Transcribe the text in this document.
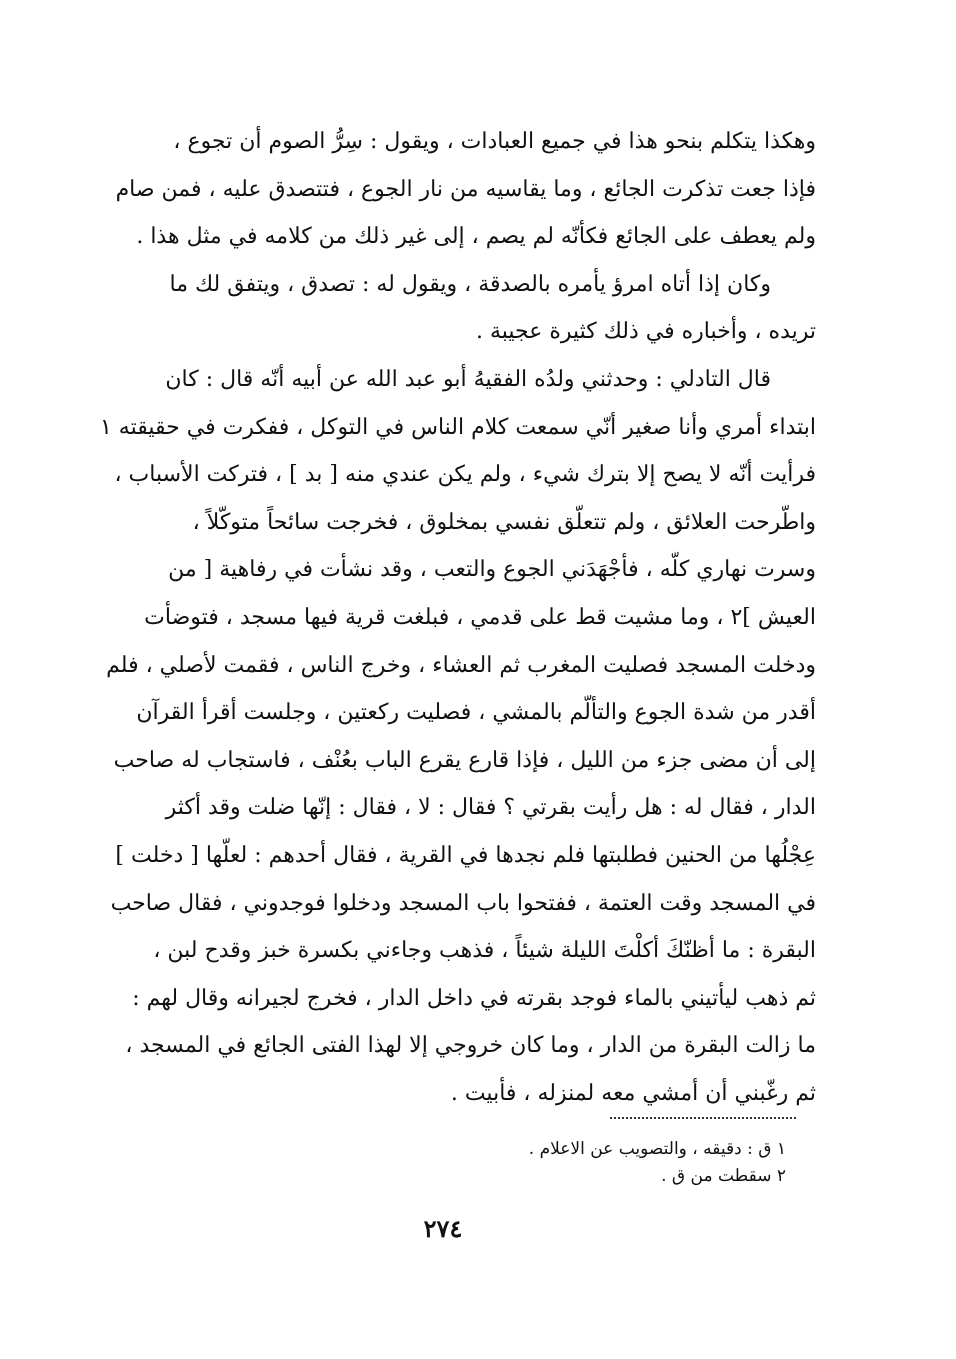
وهكذا يتكلم بنحو هذا في جميع العبادات ، ويقول : سِرُّ الصوم أن تجوع ،
فإذا جعت تذكرت الجائع ، وما يقاسيه من نار الجوع ، فتتصدق عليه ، فمن صام
ولم يعطف على الجائع فكأنّه لم يصم ، إلى غير ذلك من كلامه في مثل هذا .
وكان إذا أتاه امرؤ يأمره بالصدقة ، ويقول له : تصدق ، ويتفق لك ما
تريده ، وأخباره في ذلك كثيرة عجيبة .
قال التادلي : وحدثني ولدُه الفقيهُ أبو عبد الله عن أبيه أنّه قال : كان
ابتداء أمري وأنا صغير أنّي سمعت كلام الناس في التوكل ، ففكرت في حقيقته ١
فرأيت أنّه لا يصح إلا بترك شيء ، ولم يكن عندي منه [ بد ] ، فتركت الأسباب ،
واطّرحت العلائق ، ولم تتعلّق نفسي بمخلوق ، فخرجت سائحاً متوكّلاً ،
وسرت نهاري كلّه ، فأجْهَدَني الجوع والتعب ، وقد نشأت في رفاهية [ من
العيش ]٢ ، وما مشيت قط على قدمي ، فبلغت قرية فيها مسجد ، فتوضأت
ودخلت المسجد فصليت المغرب ثم العشاء ، وخرج الناس ، فقمت لأصلي ، فلم
أقدر من شدة الجوع والتألّم بالمشي ، فصليت ركعتين ، وجلست أقرأ القرآن
إلى أن مضى جزء من الليل ، فإذا قارع يقرع الباب بعُنْف ، فاستجاب له صاحب
الدار ، فقال له : هل رأيت بقرتي ؟ فقال : لا ، فقال : إنّها ضلت وقد أكثر
عِجْلُها من الحنين فطلبتها فلم نجدها في القرية ، فقال أحدهم : لعلّها [ دخلت ]
في المسجد وقت العتمة ، ففتحوا باب المسجد ودخلوا فوجدوني ، فقال صاحب
البقرة : ما أظنّكَ أكلْتَ الليلة شيئاً ، فذهب وجاءني بكسرة خبز وقدح لبن ،
ثم ذهب ليأتيني بالماء فوجد بقرته في داخل الدار ، فخرج لجيرانه وقال لهم :
ما زالت البقرة من الدار ، وما كان خروجي إلا لهذا الفتى الجائع في المسجد ،
ثم رغّبني أن أمشي معه لمنزله ، فأبيت .
١ ق : دقيقه ، والتصويب عن الاعلام .
٢ سقطت من ق .
٢٧٤
